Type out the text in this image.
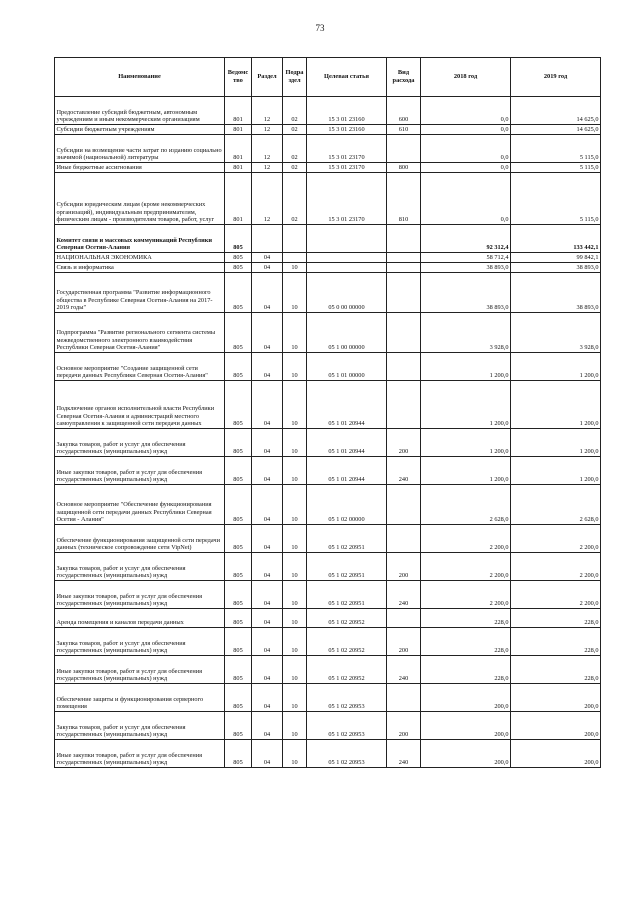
73
Наименование	Ведомс тво	Раздел	Подра здел	Целевая статья	Вид расхода	2018 год	2019 год
Предоставление субсидий бюджетным, автономным учреждениям и иным некоммерческим организациям	801	12	02	15 3 01 23160	600	0,0	14 625,0
Субсидии бюджетным учреждениям	801	12	02	15 3 01 23160	610	0,0	14 625,0
Субсидии на возмещение части затрат по изданию социально значимой (национальной) литературы	801	12	02	15 3 01 23170		0,0	5 115,0
Иные бюджетные ассигнования	801	12	02	15 3 01 23170	800	0,0	5 115,0
Субсидии юридическим лицам (кроме некоммерческих организаций), индивидуальным предпринимателям, физическим лицам - производителям товаров, работ, услуг	801	12	02	15 3 01 23170	810	0,0	5 115,0
Комитет связи и массовых коммуникаций Республики Северная Осетия-Алания	805					92 312,4	133 442,1
НАЦИОНАЛЬНАЯ ЭКОНОМИКА	805	04				58 712,4	99 842,1
Связь и информатика	805	04	10			38 893,0	38 893,0
Государственная программа "Развитие информационного общества в Республике Северная Осетия-Алания на 2017-2019 годы"	805	04	10	05 0 00 00000		38 893,0	38 893,0
Подпрограмма "Развитие регионального сегмента системы межведомственного электронного взаимодействия Республики Северная Осетия-Алания"	805	04	10	05 1 00 00000		3 928,0	3 928,0
Основное мероприятие "Создание защищенной сети передачи данных Республики Северная Осетия-Алания"	805	04	10	05 1 01 00000		1 200,0	1 200,0
Подключение органов исполнительной власти Республики Северная Осетия-Алания и администраций местного самоуправления к защищенной сети передачи данных	805	04	10	05 1 01 20944		1 200,0	1 200,0
Закупка товаров, работ и услуг для обеспечения государственных (муниципальных) нужд	805	04	10	05 1 01 20944	200	1 200,0	1 200,0
Иные закупки товаров, работ и услуг для обеспечения государственных (муниципальных) нужд	805	04	10	05 1 01 20944	240	1 200,0	1 200,0
Основное мероприятие "Обеспечение функционирования защищенной сети передачи данных Республики Северная Осетия - Алания"	805	04	10	05 1 02 00000		2 628,0	2 628,0
Обеспечение функционирования защищенной сети передачи данных (техническое сопровождение сети VipNet)	805	04	10	05 1 02 20951		2 200,0	2 200,0
Закупка товаров, работ и услуг для обеспечения государственных (муниципальных) нужд	805	04	10	05 1 02 20951	200	2 200,0	2 200,0
Иные закупки товаров, работ и услуг для обеспечения государственных (муниципальных) нужд	805	04	10	05 1 02 20951	240	2 200,0	2 200,0
Аренда помещения и каналов передачи данных	805	04	10	05 1 02 20952		228,0	228,0
Закупка товаров, работ и услуг для обеспечения государственных (муниципальных) нужд	805	04	10	05 1 02 20952	200	228,0	228,0
Иные закупки товаров, работ и услуг для обеспечения государственных (муниципальных) нужд	805	04	10	05 1 02 20952	240	228,0	228,0
Обеспечение защиты и функционирования серверного помещения	805	04	10	05 1 02 20953		200,0	200,0
Закупка товаров, работ и услуг для обеспечения государственных (муниципальных) нужд	805	04	10	05 1 02 20953	200	200,0	200,0
Иные закупки товаров, работ и услуг для обеспечения государственных (муниципальных) нужд	805	04	10	05 1 02 20953	240	200,0	200,0
